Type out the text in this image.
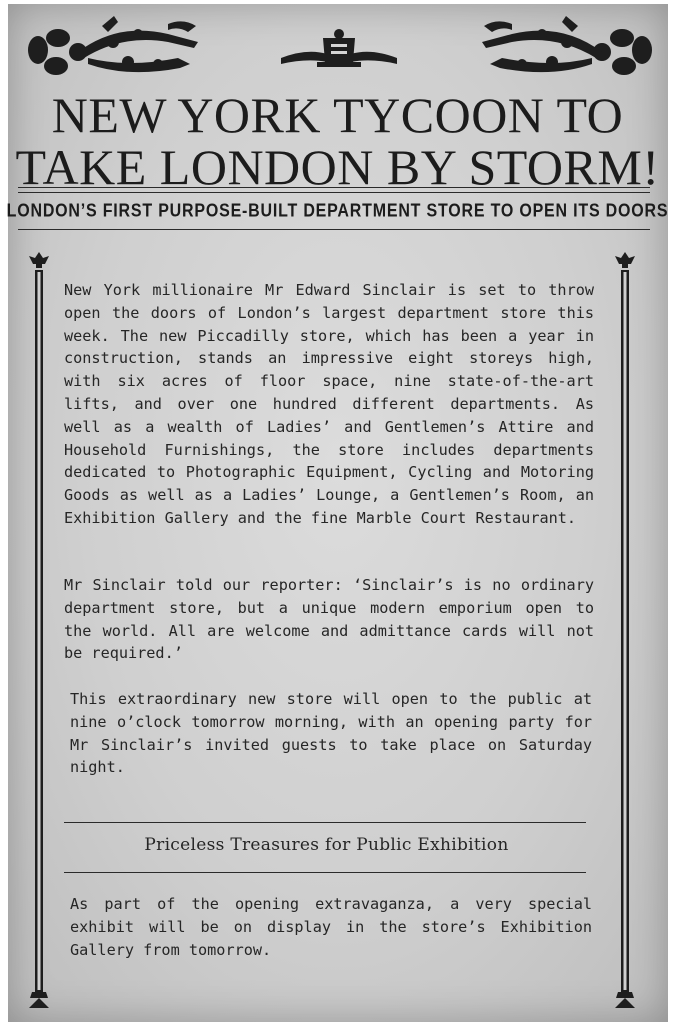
NEW YORK TYCOON TO
TAKE LONDON BY STORM!
LONDON’S FIRST PURPOSE-BUILT DEPARTMENT STORE TO OPEN ITS DOORS

New York millionaire Mr Edward Sinclair is set to throw open the doors of London’s largest department store this week. The new Piccadilly store, which has been a year in construction, stands an impressive eight storeys high, with six acres of floor space, nine state-of-the-art lifts, and over one hundred different departments. As well as a wealth of Ladies’ and Gentlemen’s Attire and Household Furnishings, the store includes departments dedicated to Photographic Equipment, Cycling and Motoring Goods as well as a Ladies’ Lounge, a Gentlemen’s Room, an Exhibition Gallery and the fine Marble Court Restaurant.

Mr Sinclair told our reporter: ‘Sinclair’s is no ordinary department store, but a unique modern emporium open to the world. All are welcome and admittance cards will not be required.’

This extraordinary new store will open to the public at nine o’clock tomorrow morning, with an opening party for Mr Sinclair’s invited guests to take place on Saturday night.

Priceless Treasures for Public Exhibition

As part of the opening extravaganza, a very special exhibit will be on display in the store’s Exhibition Gallery from tomorrow.
